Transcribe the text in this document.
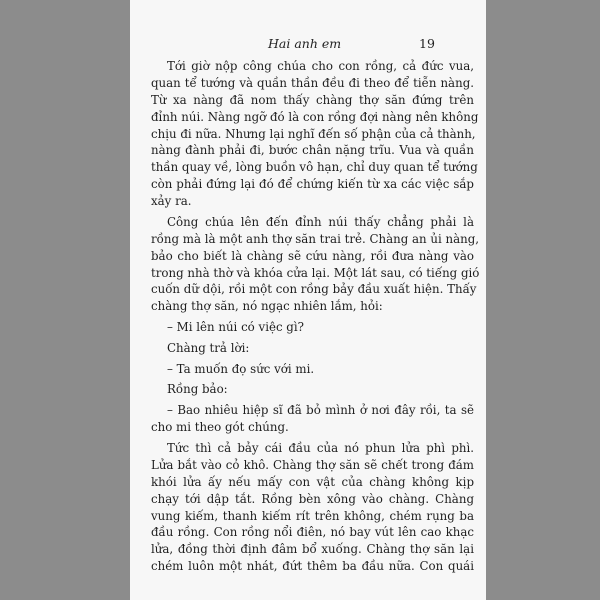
Hai anh em	19
Tới giờ nộp công chúa cho con rồng, cả đức vua,
quan tể tướng và quần thần đều đi theo để tiễn nàng.
Từ xa nàng đã nom thấy chàng thợ săn đứng trên
đỉnh núi. Nàng ngỡ đó là con rồng đợi nàng nên không
chịu đi nữa. Nhưng lại nghĩ đến số phận của cả thành,
nàng đành phải đi, bước chân nặng trĩu. Vua và quần
thần quay về, lòng buồn vô hạn, chỉ duy quan tể tướng
còn phải đứng lại đó để chứng kiến từ xa các việc sắp
xảy ra.
Công chúa lên đến đỉnh núi thấy chẳng phải là
rồng mà là một anh thợ săn trai trẻ. Chàng an ủi nàng,
bảo cho biết là chàng sẽ cứu nàng, rồi đưa nàng vào
trong nhà thờ và khóa cửa lại. Một lát sau, có tiếng gió
cuốn dữ dội, rồi một con rồng bảy đầu xuất hiện. Thấy
chàng thợ săn, nó ngạc nhiên lắm, hỏi:
– Mi lên núi có việc gì?
Chàng trả lời:
– Ta muốn đọ sức với mi.
Rồng bảo:
– Bao nhiêu hiệp sĩ đã bỏ mình ở nơi đây rồi, ta sẽ
cho mi theo gót chúng.
Tức thì cả bảy cái đầu của nó phun lửa phì phì.
Lửa bắt vào cỏ khô. Chàng thợ săn sẽ chết trong đám
khói lửa ấy nếu mấy con vật của chàng không kịp
chạy tới dập tắt. Rồng bèn xông vào chàng. Chàng
vung kiếm, thanh kiếm rít trên không, chém rụng ba
đầu rồng. Con rồng nổi điên, nó bay vút lên cao khạc
lửa, đồng thời định đâm bổ xuống. Chàng thợ săn lại
chém luôn một nhát, đứt thêm ba đầu nữa. Con quái
